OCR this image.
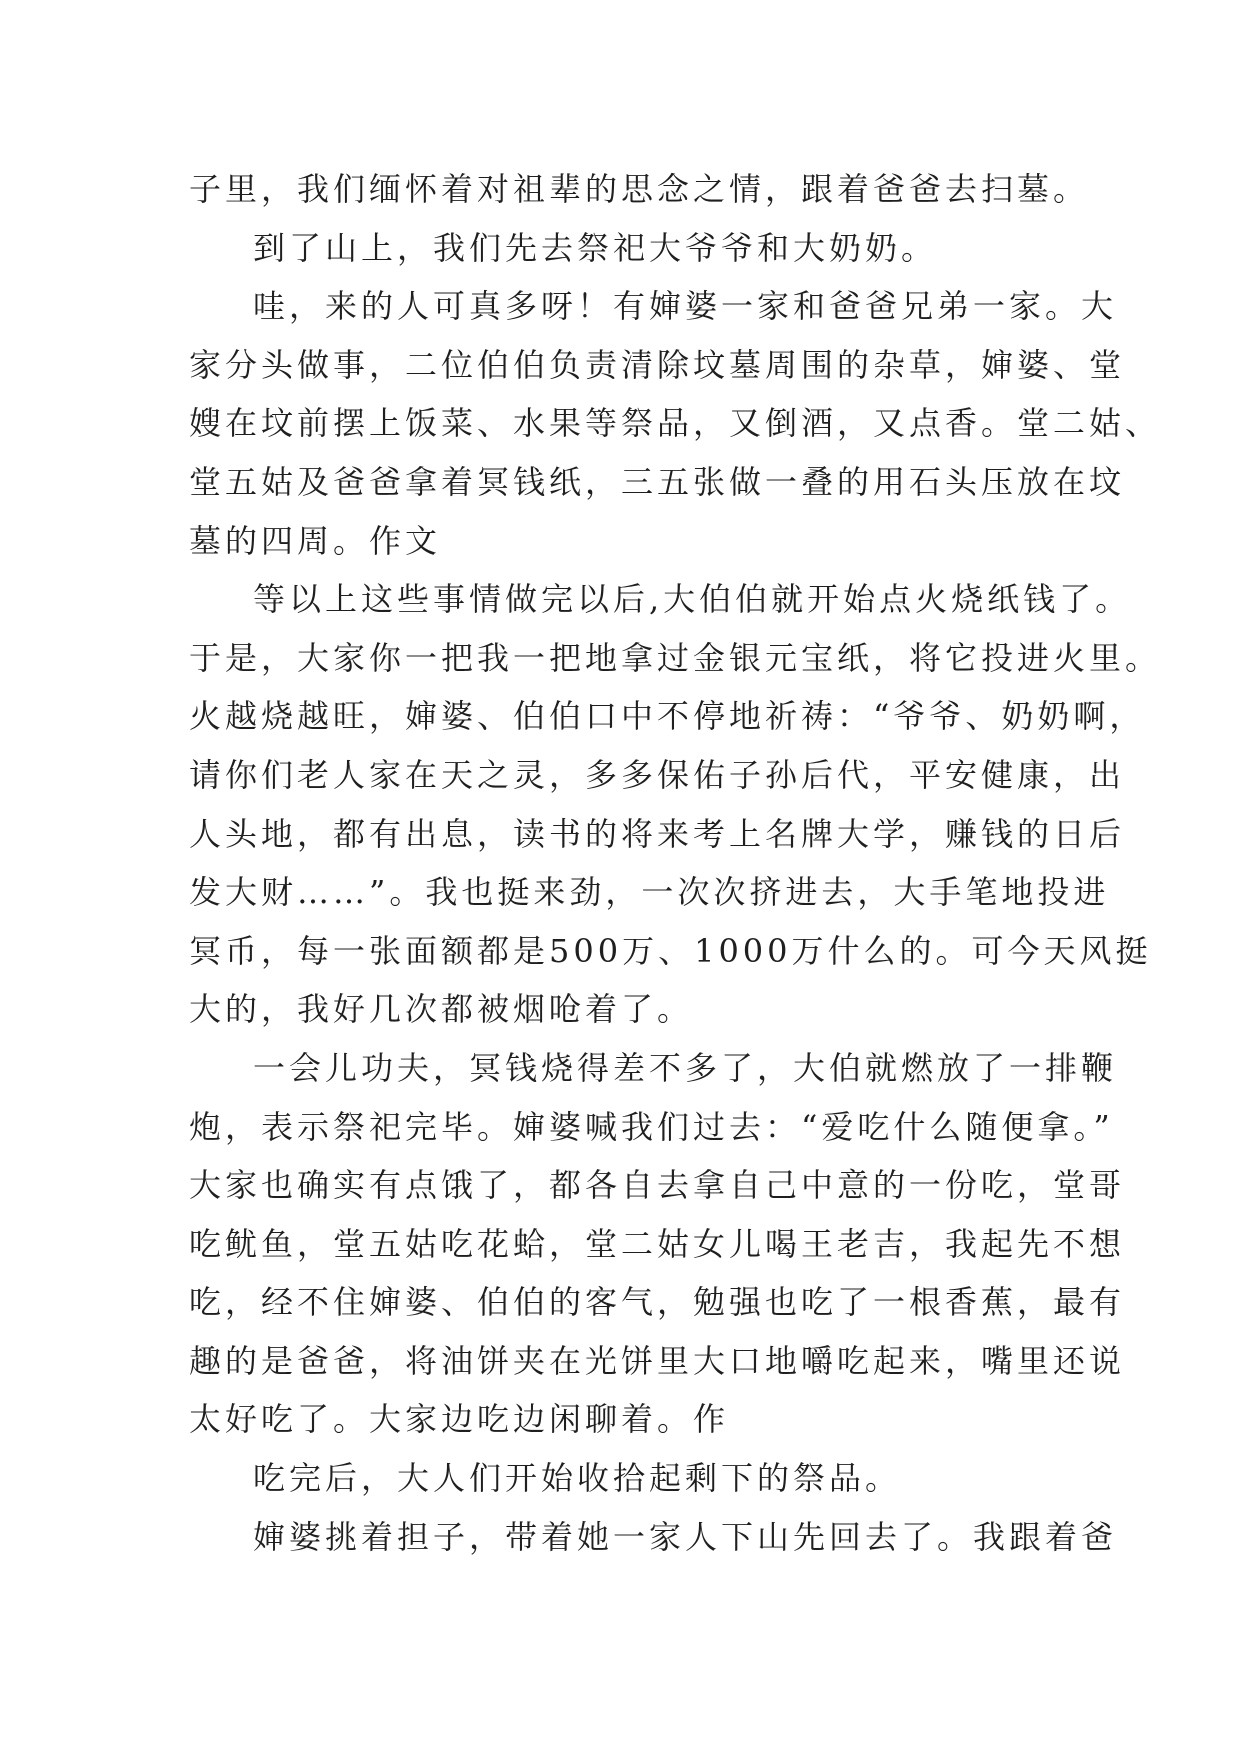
子里，我们缅怀着对祖辈的思念之情，跟着爸爸去扫墓。
到了山上，我们先去祭祀大爷爷和大奶奶。
哇，来的人可真多呀！有婶婆一家和爸爸兄弟一家。大
家分头做事，二位伯伯负责清除坟墓周围的杂草，婶婆、堂
嫂在坟前摆上饭菜、水果等祭品，又倒酒，又点香。堂二姑、
堂五姑及爸爸拿着冥钱纸，三五张做一叠的用石头压放在坟
墓的四周。作文
等以上这些事情做完以后,大伯伯就开始点火烧纸钱了。
于是，大家你一把我一把地拿过金银元宝纸，将它投进火里。
火越烧越旺，婶婆、伯伯口中不停地祈祷：“爷爷、奶奶啊，
请你们老人家在天之灵，多多保佑子孙后代，平安健康，出
人头地，都有出息，读书的将来考上名牌大学，赚钱的日后
发大财……”。我也挺来劲，一次次挤进去，大手笔地投进
冥币，每一张面额都是500万、1000万什么的。可今天风挺
大的，我好几次都被烟呛着了。
一会儿功夫，冥钱烧得差不多了，大伯就燃放了一排鞭
炮，表示祭祀完毕。婶婆喊我们过去：“爱吃什么随便拿。”
大家也确实有点饿了，都各自去拿自己中意的一份吃，堂哥
吃鱿鱼，堂五姑吃花蛤，堂二姑女儿喝王老吉，我起先不想
吃，经不住婶婆、伯伯的客气，勉强也吃了一根香蕉，最有
趣的是爸爸，将油饼夹在光饼里大口地嚼吃起来，嘴里还说
太好吃了。大家边吃边闲聊着。作
吃完后，大人们开始收拾起剩下的祭品。
婶婆挑着担子，带着她一家人下山先回去了。我跟着爸
